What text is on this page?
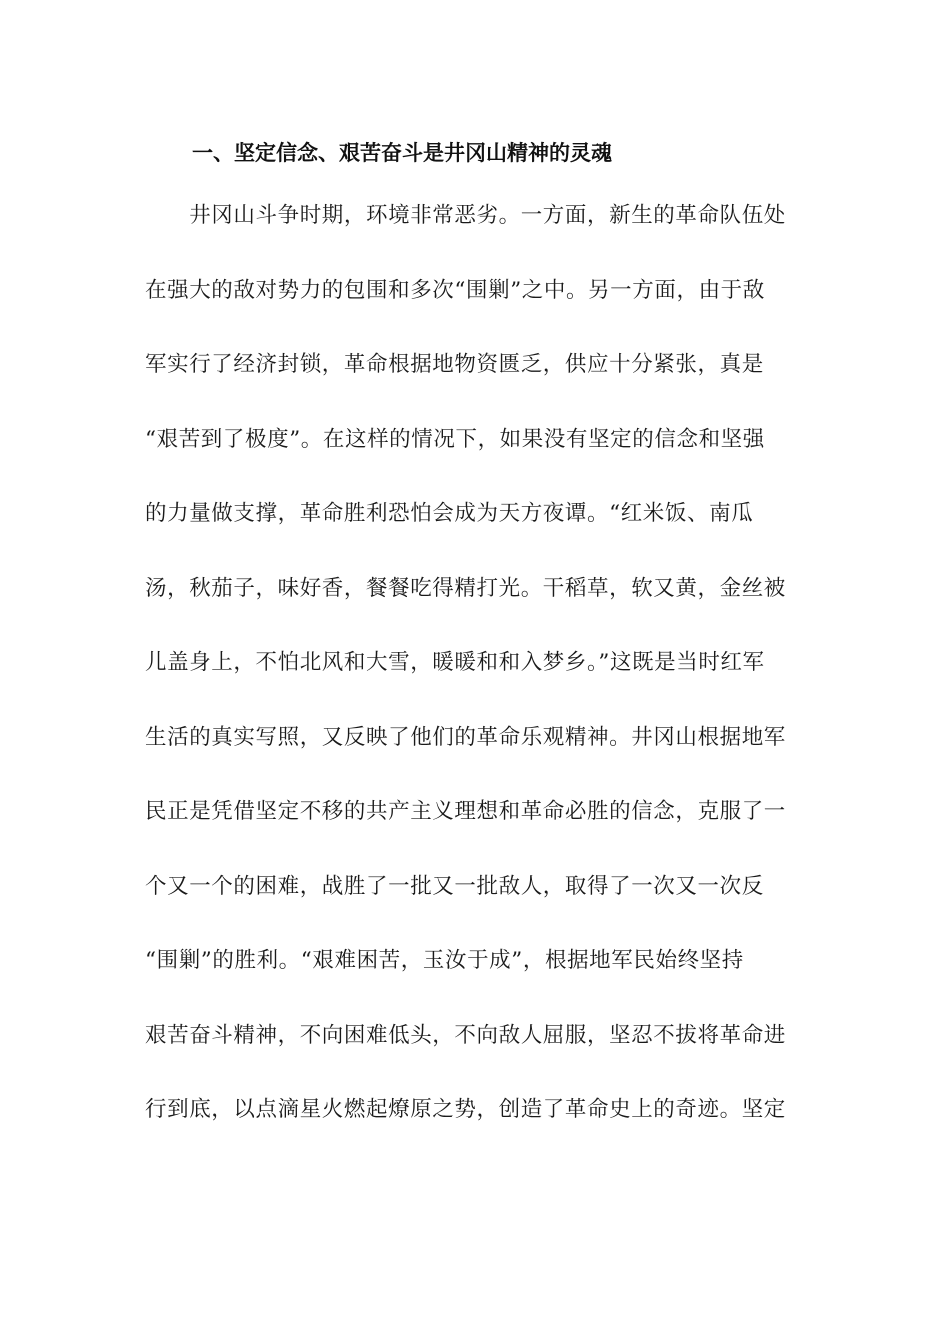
一、坚定信念、艰苦奋斗是井冈山精神的灵魂
　　井冈山斗争时期，环境非常恶劣。一方面，新生的革命队伍处
在强大的敌对势力的包围和多次“围剿”之中。另一方面，由于敌
军实行了经济封锁，革命根据地物资匮乏，供应十分紧张，真是
“艰苦到了极度”。在这样的情况下，如果没有坚定的信念和坚强
的力量做支撑，革命胜利恐怕会成为天方夜谭。“红米饭、南瓜
汤，秋茄子，味好香，餐餐吃得精打光。干稻草，软又黄，金丝被
儿盖身上，不怕北风和大雪，暖暖和和入梦乡。”这既是当时红军
生活的真实写照，又反映了他们的革命乐观精神。井冈山根据地军
民正是凭借坚定不移的共产主义理想和革命必胜的信念，克服了一
个又一个的困难，战胜了一批又一批敌人，取得了一次又一次反
“围剿”的胜利。“艰难困苦，玉汝于成”，根据地军民始终坚持
艰苦奋斗精神，不向困难低头，不向敌人屈服，坚忍不拔将革命进
行到底，以点滴星火燃起燎原之势，创造了革命史上的奇迹。坚定
